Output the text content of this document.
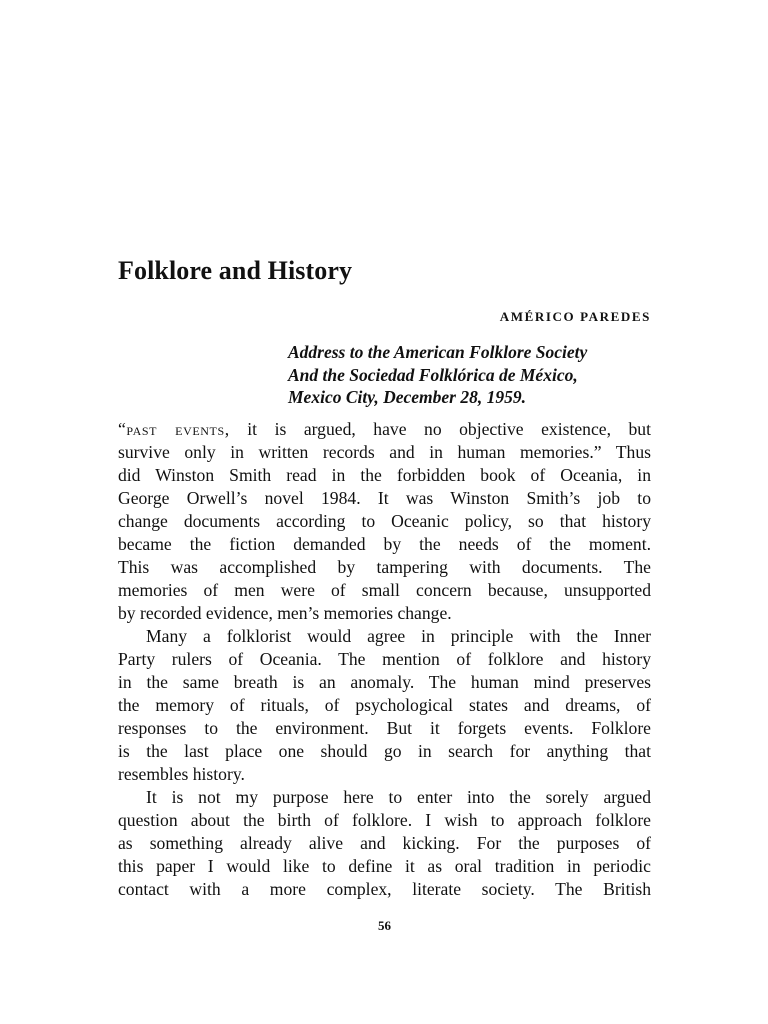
Folklore and History
AMÉRICO PAREDES
Address to the American Folklore Society
And the Sociedad Folklórica de México,
Mexico City, December 28, 1959.
“past events, it is argued, have no objective existence, but
survive only in written records and in human memories.” Thus
did Winston Smith read in the forbidden book of Oceania, in
George Orwell’s novel 1984. It was Winston Smith’s job to
change documents according to Oceanic policy, so that history
became the fiction demanded by the needs of the moment.
This was accomplished by tampering with documents. The
memories of men were of small concern because, unsupported
by recorded evidence, men’s memories change.
Many a folklorist would agree in principle with the Inner
Party rulers of Oceania. The mention of folklore and history
in the same breath is an anomaly. The human mind preserves
the memory of rituals, of psychological states and dreams, of
responses to the environment. But it forgets events. Folklore
is the last place one should go in search for anything that
resembles history.
It is not my purpose here to enter into the sorely argued
question about the birth of folklore. I wish to approach folklore
as something already alive and kicking. For the purposes of
this paper I would like to define it as oral tradition in periodic
contact with a more complex, literate society. The British
56
